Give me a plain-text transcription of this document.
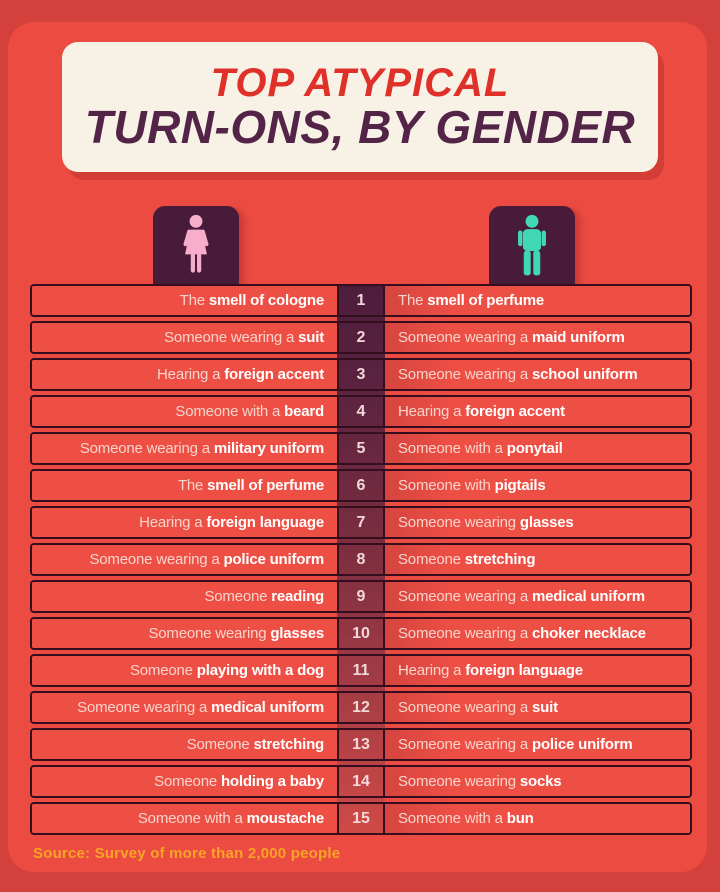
TOP ATYPICAL
TURN-ONS, BY GENDER
The smell of cologne 1 The smell of perfume
Someone wearing a suit 2 Someone wearing a maid uniform
Hearing a foreign accent 3 Someone wearing a school uniform
Someone with a beard 4 Hearing a foreign accent
Someone wearing a military uniform 5 Someone with a ponytail
The smell of perfume 6 Someone with pigtails
Hearing a foreign language 7 Someone wearing glasses
Someone wearing a police uniform 8 Someone stretching
Someone reading 9 Someone wearing a medical uniform
Someone wearing glasses 10 Someone wearing a choker necklace
Someone playing with a dog 11 Hearing a foreign language
Someone wearing a medical uniform 12 Someone wearing a suit
Someone stretching 13 Someone wearing a police uniform
Someone holding a baby 14 Someone wearing socks
Someone with a moustache 15 Someone with a bun
Source: Survey of more than 2,000 people
